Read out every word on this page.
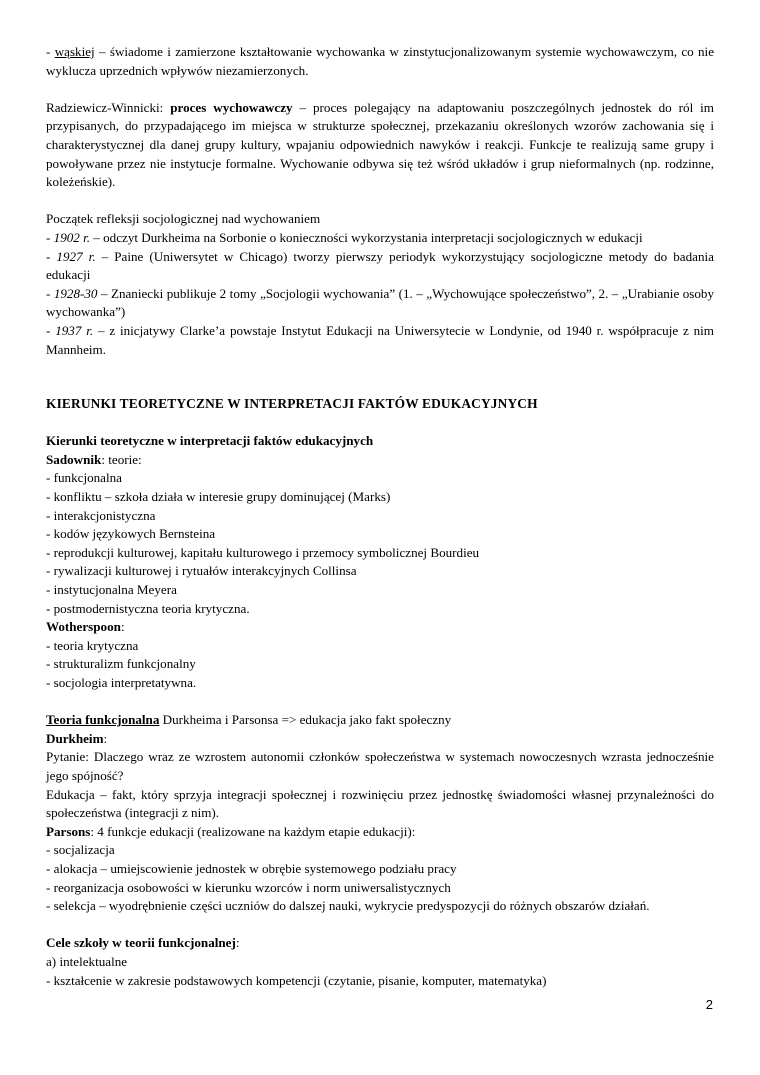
- wąskiej – świadome i zamierzone kształtowanie wychowanka w zinstytucjonalizowanym systemie wychowawczym, co nie wyklucza uprzednich wpływów niezamierzonych.

Radziewicz-Winnicki: proces wychowawczy – proces polegający na adaptowaniu poszczególnych jednostek do ról im przypisanych, do przypadającego im miejsca w strukturze społecznej, przekazaniu określonych wzorów zachowania się i charakterystycznej dla danej grupy kultury, wpajaniu odpowiednich nawyków i reakcji. Funkcje te realizują same grupy i powoływane przez nie instytucje formalne. Wychowanie odbywa się też wśród układów i grup nieformalnych (np. rodzinne, koleżeńskie).

Początek refleksji socjologicznej nad wychowaniem

- 1902 r. – odczyt Durkheima na Sorbonie o konieczności wykorzystania interpretacji socjologicznych w edukacji

- 1927 r. – Paine (Uniwersytet w Chicago) tworzy pierwszy periodyk wykorzystujący socjologiczne metody do badania edukacji

- 1928-30 – Znaniecki publikuje 2 tomy „Socjologii wychowania” (1. – „Wychowujące społeczeństwo”, 2. – „Urabianie osoby wychowanka”)

- 1937 r. – z inicjatywy Clarke’a powstaje Instytut Edukacji na Uniwersytecie w Londynie, od 1940 r. współpracuje z nim Mannheim.

KIERUNKI TEORETYCZNE W INTERPRETACJI FAKTÓW EDUKACYJNYCH

Kierunki teoretyczne w interpretacji faktów edukacyjnych

Sadownik: teorie:

- funkcjonalna

- konfliktu – szkoła działa w interesie grupy dominującej (Marks)

- interakcjonistyczna

- kodów językowych Bernsteina

- reprodukcji kulturowej, kapitału kulturowego i przemocy symbolicznej Bourdieu

- rywalizacji kulturowej i rytuałów interakcyjnych Collinsa

- instytucjonalna Meyera

- postmodernistyczna teoria krytyczna.

Wotherspoon:

- teoria krytyczna

- strukturalizm funkcjonalny

- socjologia interpretatywna.

Teoria funkcjonalna Durkheima i Parsonsa => edukacja jako fakt społeczny

Durkheim:

Pytanie: Dlaczego wraz ze wzrostem autonomii członków społeczeństwa w systemach nowoczesnych wzrasta jednocześnie jego spójność?

Edukacja – fakt, który sprzyja integracji społecznej i rozwinięciu przez jednostkę świadomości własnej przynależności do społeczeństwa (integracji z nim).

Parsons: 4 funkcje edukacji (realizowane na każdym etapie edukacji):

- socjalizacja

- alokacja – umiejscowienie jednostek w obrębie systemowego podziału pracy

- reorganizacja osobowości w kierunku wzorców i norm uniwersalistycznych

- selekcja – wyodrębnienie części uczniów do dalszej nauki, wykrycie predyspozycji do różnych obszarów działań.

Cele szkoły w teorii funkcjonalnej:

a) intelektualne

- kształcenie w zakresie podstawowych kompetencji (czytanie, pisanie, komputer, matematyka)

2
